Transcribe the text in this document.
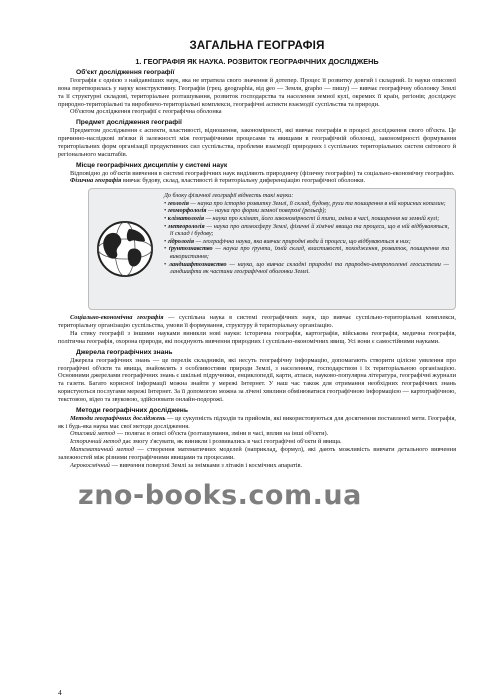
ЗАГАЛЬНА ГЕОГРАФІЯ
1. ГЕОГРАФІЯ ЯК НАУКА. РОЗВИТОК ГЕОГРАФІЧНИХ ДОСЛІДЖЕНЬ
Об'єкт дослідження географії

Географія є однією з найдавніших наук, яка не втратила свого значення й дотепер. Процес її розвитку довгий і складний. Із науки описової вона перетворилась у науку конструктивну. Географія (грец. geographia, від geo — Земля, grapho — пишу) — вивчає географічну оболонку Землі та її структурні складові, територіальне розташування, розвиток господарства та населення земної кулі, окремих її країн, регіонів; досліджує природно-територіальні та виробничо-територіальні комплекси, географічні аспекти взаємодії суспільства та природи.

Об'єктом дослідження географії є географічна оболонка

Предмет дослідження географії

Предметом дослідження є аспекти, властивості, відношення, закономірності, які вивчає географія в процесі дослідження свого об'єкта. Це причинно-наслідкові зв'язки й залежності між географічними процесами та явищами в географічній оболонці, закономірності формування територіальних форм організації продуктивних сил суспільства, проблеми взаємодії природних і суспільних територіальних систем світового й регіонального масштабів.

Місце географічних дисциплін у системі наук

Відповідно до об'єктів вивчення в системі географічних наук виділяють природничу (фізичну географію) та соціально-економічну географію.

Фізична географія вивчає будову, склад, властивості й територіальну диференціацію географічної оболонки.

До блоку фізичної географії віднесть такі науки:
• геологія — наука про історію розвитку Землі, її склад, будову, рухи та поширення в ній корисних копалин;
• геоморфологія — наука про форми земної поверхні (рельєф);
• кліматологія — наука про клімат, його закономірності й типи, зміни в часі, поширення на земній кулі;
• метеорологія — наука про атмосферу Землі, фізичні й хімічні явища та процеси, що в ній відбуваються, її склад і будову;
• гідрологія — географічна наука, яка вивчає природні води й процеси, що відбуваються в них;
• ґрунтознавство — наука про ґрунти, їхній склад, властивості, походження, розвиток, поширення та використання;
• ландшафтознавство — наука, що вивчає складні природні та природно-антропогенні геосистеми — ландшафти як частини географічної оболонки Землі.

Соціально-економічна географія — суспільна наука в системі географічних наук, що вивчає суспільно-територіальні комплекси, територіальну організацію суспільства, умови її формування, структуру й територіальну організацію.

На стику географії з іншими науками виникли нові науки: історична географія, картографія, військова географія, медична географія, політична географія, охорона природи, які поєднують вивчення природних і суспільно-економічних явищ. Усі вони є самостійними науками.

Джерела географічних знань

Джерела географічних знань — це перелік складників, які несуть географічну інформацію, допомагають створити цілісне уявлення про географічні об'єкти та явища, знайомлять з особливостями природи Землі, з населенням, господарством і їх територіальною організацією. Основними джерелами географічних знань є шкільні підручники, енциклопедії, карти, атласи, науково-популярна література, географічні журнали та газети. Багато корисної інформації можна знайти у мережі Інтернет. У наш час також для отримання необхідних географічних знань користуються послугами мережі Інтернет. За її допомогою можна за лічені хвилини обмінюватися географічною інформацією — картографічною, текстовою, відео та звуковою, здійснювати онлайн-подорожі.

Методи географічних досліджень

Методи географічних досліджень — це сукупність підходів та прийомів, які використовуються для досягнення поставленої мети. Географія, як і будь-яка наука має свої методи дослідження.

Описовий метод — полягає в описі об'єкта (розташування, зміни в часі, вплив на інші об'єкти).

Історичний метод дає змогу з'ясувати, як виникли і розвивались в часі географічні об'єкти й явища.

Математичний метод — створення математичних моделей (наприклад, формул), які дають можливість вивчати детального вивчення залежностей між різними географічними явищами та процесами.

Аерокосмічний — вивчення поверхні Землі за знімками з літаків і космічних апаратів.

zno-books.com.ua
4
